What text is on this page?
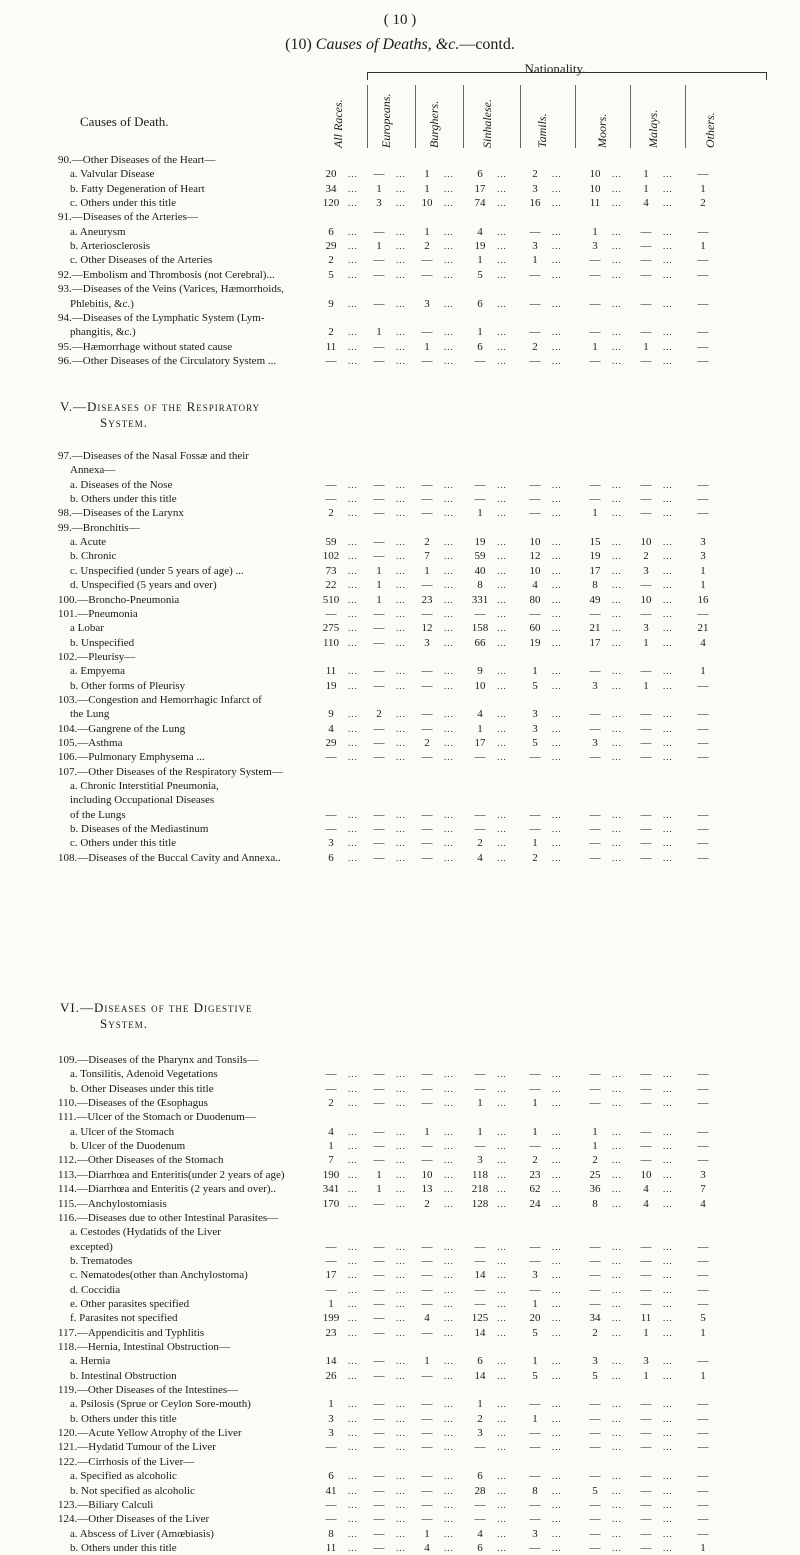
( 10 )
(10) Causes of Deaths, &c.—contd.
Nationality.
Causes of Death.	All Races.	Europeans.	Burghers.	Sinhalese.	Tamils.	Moors.	Malays.	Others.
V.—Diseases of the Respiratory
System.
VI.—Diseases of the Digestive
System.
90.—Other Diseases of the Heart—
a. Valvular Disease	20	...	—	...	1	...	6	...	2	...	10	...	1	...	—
b. Fatty Degeneration of Heart	34	...	1	...	1	...	17	...	3	...	10	...	1	...	1
c. Others under this title	120 ...	3	...	10	...	74	...	16	...	11	...	4	...	2
91.—Diseases of the Arteries—
a. Aneurysm	6	...	—	...	1	...	4	...	—	...	1	...	—	...	—
b. Arteriosclerosis	29	...	1	...	2	...	19	...	3	...	3	...	—	...	1
c. Other Diseases of the Arteries	2	...	—	...	—	...	1	...	1	...	—	...	—	...	—
92.—Embolism and Thrombosis (not Cerebral)...	5	...	—	...	—	...	5	...	—	...	—	...	—	...	—
93.—Diseases of the Veins (Varices, Hæmorrhoids,
Phlebitis, &c.)	9	...	—	...	3	...	6	...	—	...	—	...	—	...	—
94.—Diseases of the Lymphatic System (Lym-
phangitis, &c.)	2	...	1	...	—	...	1	...	—	...	—	...	—	...	—
95.—Hæmorrhage without stated cause	11	...	—	...	1	...	6	...	2	...	1	...	1	...	—
96.—Other Diseases of the Circulatory System ...	—	...	—	...	—	...	—	...	—	...	—	...	—	...	—
97.—Diseases of the Nasal Fossæ and their
Annexa—
a. Diseases of the Nose	—	...	—	...	—	...	—	...	—	...	—	...	—	...	—
b. Others under this title	—	...	—	...	—	...	—	...	—	...	—	...	—	...	—
98.—Diseases of the Larynx	2	...	—	...	—	...	1	...	—	...	1	...	—	...	—
99.—Bronchitis—
a. Acute	59	...	—	...	2	...	19	...	10	...	15	...	10	...	3
b. Chronic	102 ...	—	...	7	...	59	...	12	...	19	...	2	...	3
c. Unspecified (under 5 years of age) ...	73	...	1	...	1	...	40	...	10	...	17	...	3	...	1
d. Unspecified (5 years and over)	22	...	1	...	—	...	8	...	4	...	8	...	—	...	1
100.—Broncho-Pneumonia	510 ...	1	...	23	...	331 ...	80	...	49	...	10	...	16
101.—Pneumonia	—	...	—	...	—	...	—	...	—	...	—	...	—	...	—
a Lobar	275 ...	—	...	12	...	158 ...	60	...	21	...	3	...	21
b. Unspecified	110 ...	—	...	3	...	66	...	19	...	17	...	1	...	4
102.—Pleurisy—
a. Empyema	11	...	—	...	—	...	9	...	1	...	—	...	—	...	1
b. Other forms of Pleurisy	19	...	—	...	—	...	10	...	5	...	3	...	1	...	—
103.—Congestion and Hemorrhagic Infarct of
the Lung	9	...	2	...	—	...	4	...	3	...	—	...	—	...	—
104.—Gangrene of the Lung	4	...	—	...	—	...	1	...	3	...	—	...	—	...	—
105.—Asthma	29	...	—	...	2	...	17	...	5	...	3	...	—	...	—
106.—Pulmonary Emphysema ...	—	...	—	...	—	...	—	...	—	...	—	...	—	...	—
107.—Other Diseases of the Respiratory System—
a. Chronic Interstitial Pneumonia,
including Occupational Diseases
of the Lungs	—	...	—	...	—	...	—	...	—	...	—	...	—	...	—
b. Diseases of the Mediastinum	—	...	—	...	—	...	—	...	—	...	—	...	—	...	—
c. Others under this title	3	...	—	...	—	...	2	...	1	...	—	...	—	...	—
108.—Diseases of the Buccal Cavity and Annexa..	6	...	—	...	—	...	4	...	2	...	—	...	—	...	—
109.—Diseases of the Pharynx and Tonsils—
a. Tonsilitis, Adenoid Vegetations	—	...	—	...	—	...	—	...	—	...	—	...	—	...	—
b. Other Diseases under this title	—	...	—	...	—	...	—	...	—	...	—	...	—	...	—
110.—Diseases of the Œsophagus	2	...	—	...	—	...	1	...	1	...	—	...	—	...	—
111.—Ulcer of the Stomach or Duodenum—
a. Ulcer of the Stomach	4	...	—	...	1	...	1	...	1	...	1	...	—	...	—
b. Ulcer of the Duodenum	1	...	—	...	—	...	—	...	—	...	1	...	—	...	—
112.—Other Diseases of the Stomach	7	...	—	...	—	...	3	...	2	...	2	...	—	...	—
113.—Diarrhœa and Enteritis(under 2 years of age)	190 ...	1	...	10	...	118 ...	23	...	25	...	10	...	3
114.—Diarrhœa and Enteritis (2 years and over)..	341 ...	1	...	13	...	218 ...	62	...	36	...	4	...	7
115.—Anchylostomiasis	170 ...	—	...	2	...	128 ...	24	...	8	...	4	...	4
116.—Diseases due to other Intestinal Parasites—
a. Cestodes (Hydatids of the Liver
excepted)	—	...	—	...	—	...	—	...	—	...	—	...	—	...	—
b. Trematodes	—	...	—	...	—	...	—	...	—	...	—	...	—	...	—
c. Nematodes(other than Anchylostoma)	17	...	—	...	—	...	14	...	3	...	—	...	—	...	—
d. Coccidia	—	...	—	...	—	...	—	...	—	...	—	...	—	...	—
e. Other parasites specified	1	...	—	...	—	...	—	...	1	...	—	...	—	...	—
f. Parasites not specified	199 ...	—	...	4	...	125 ...	20	...	34	...	11	...	5
117.—Appendicitis and Typhlitis	23	...	—	...	—	...	14	...	5	...	2	...	1	...	1
118.—Hernia, Intestinal Obstruction—
a. Hernia	14	...	—	...	1	...	6	...	1	...	3	...	3	...	—
b. Intestinal Obstruction	26	...	—	...	—	...	14	...	5	...	5	...	1	...	1
119.—Other Diseases of the Intestines—
a. Psilosis (Sprue or Ceylon Sore-mouth)	1	...	—	...	—	...	1	...	—	...	—	...	—	...	—
b. Others under this title	3	...	—	...	—	...	2	...	1	...	—	...	—	...	—
120.—Acute Yellow Atrophy of the Liver	3	...	—	...	—	...	3	...	—	...	—	...	—	...	—
121.—Hydatid Tumour of the Liver	—	...	—	...	—	...	—	...	—	...	—	...	—	...	—
122.—Cirrhosis of the Liver—
a. Specified as alcoholic	6	...	—	...	—	...	6	...	—	...	—	...	—	...	—
b. Not specified as alcoholic	41	...	—	...	—	...	28	...	8	...	5	...	—	...	—
123.—Biliary Calculi	—	...	—	...	—	...	—	...	—	...	—	...	—	...	—
124.—Other Diseases of the Liver	—	...	—	...	—	...	—	...	—	...	—	...	—	...	—
a. Abscess of Liver (Amœbiasis)	8	...	—	...	1	...	4	...	3	...	—	...	—	...	—
b. Others under this title	11	...	—	...	4	...	6	...	—	...	—	...	—	...	1
